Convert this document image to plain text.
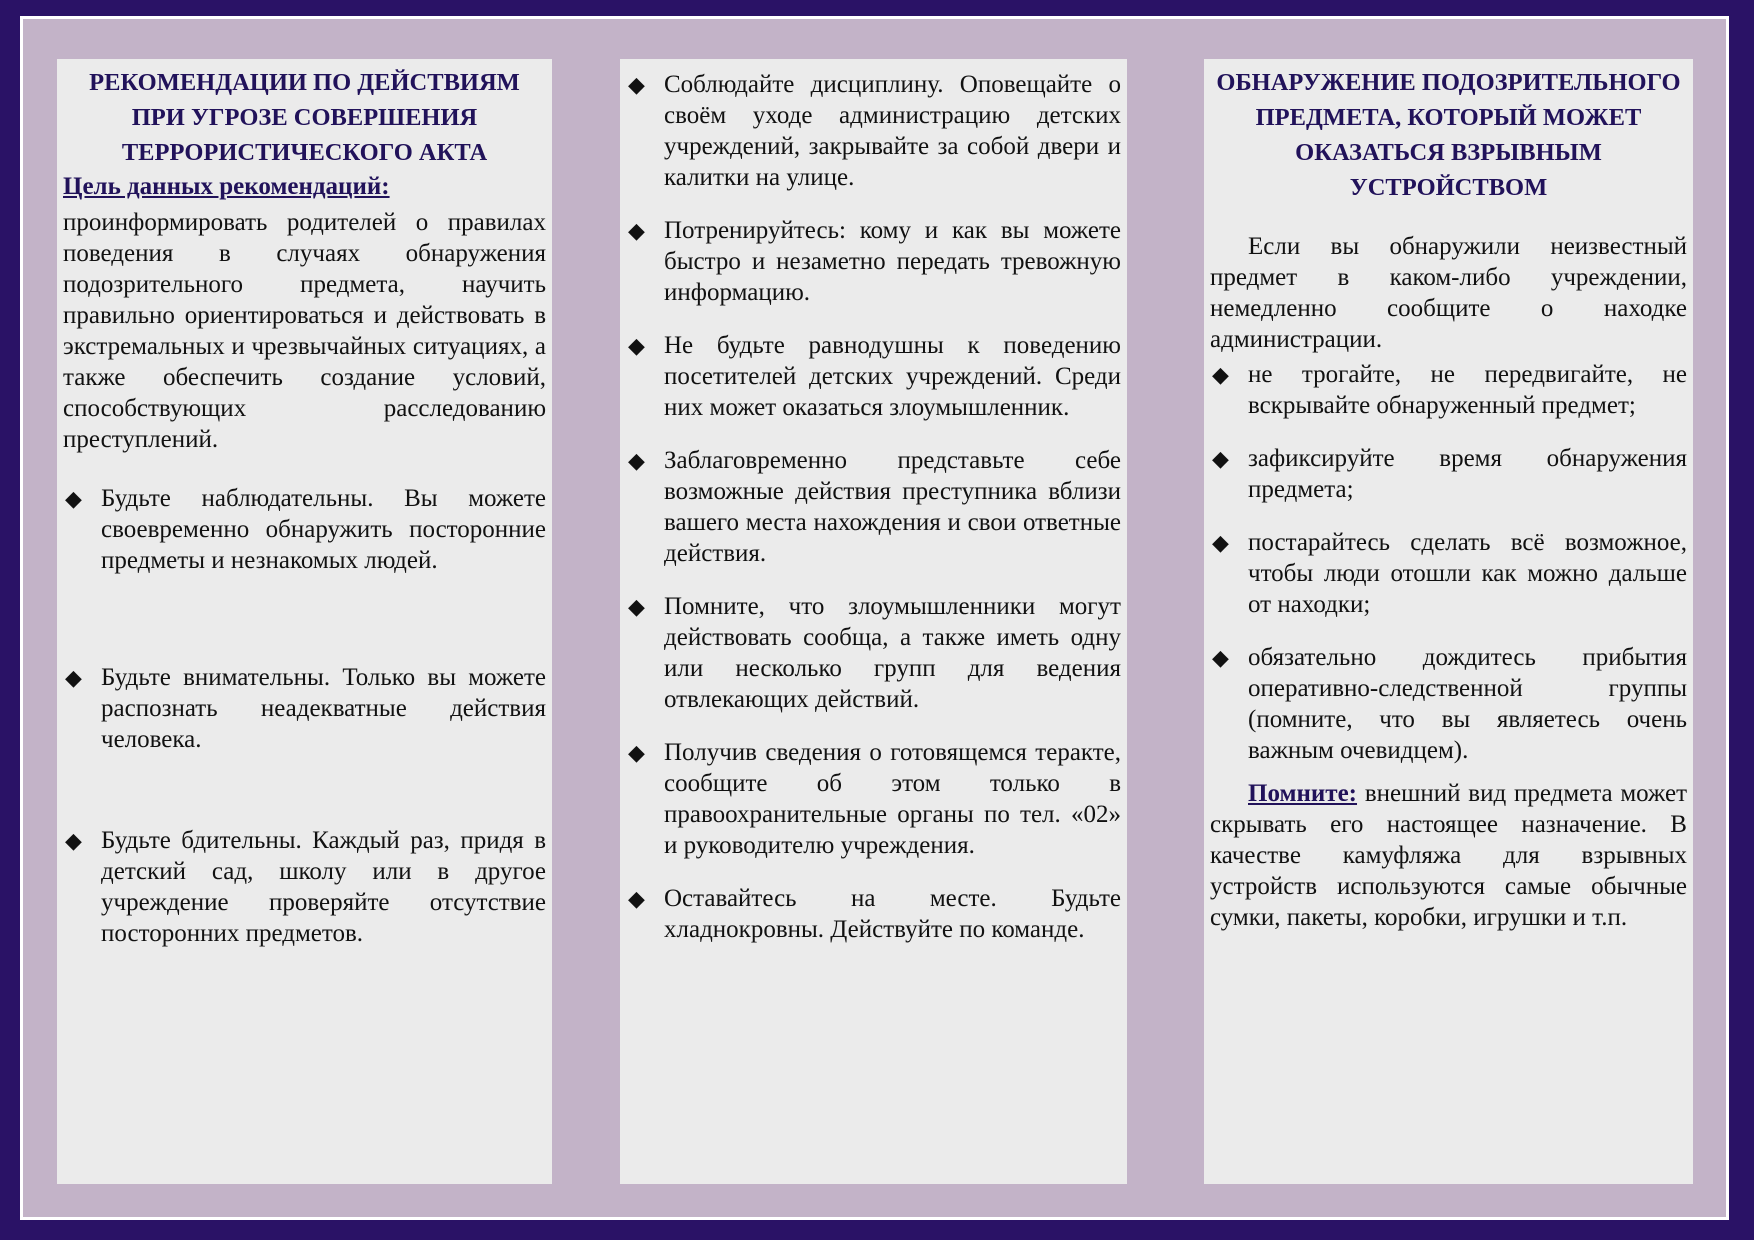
РЕКОМЕНДАЦИИ ПО ДЕЙСТВИЯМ ПРИ УГРОЗЕ СОВЕРШЕНИЯ ТЕРРОРИСТИЧЕСКОГО АКТА

Цель данных рекомендаций:

проинформировать родителей о правилах поведения в случаях обнаружения подозрительного предмета, научить правильно ориентироваться и действовать в экстремальных и чрезвычайных ситуациях, а также обеспечить создание условий, способствующих расследованию преступлений.

◆ Будьте наблюдательны. Вы можете своевременно обнаружить посторонние предметы и незнакомых людей.
◆ Будьте внимательны. Только вы можете распознать неадекватные действия человека.
◆ Будьте бдительны. Каждый раз, придя в детский сад, школу или в другое учреждение проверяйте отсутствие посторонних предметов.
◆ Соблюдайте дисциплину. Оповещайте о своём уходе администрацию детских учреждений, закрывайте за собой двери и калитки на улице.
◆ Потренируйтесь: кому и как вы можете быстро и незаметно передать тревожную информацию.
◆ Не будьте равнодушны к поведению посетителей детских учреждений. Среди них может оказаться злоумышленник.
◆ Заблаговременно представьте себе возможные действия преступника вблизи вашего места нахождения и свои ответные действия.
◆ Помните, что злоумышленники могут действовать сообща, а также иметь одну или несколько групп для ведения отвлекающих действий.
◆ Получив сведения о готовящемся теракте, сообщите об этом только в правоохранительные органы по тел. «02» и руководителю учреждения.
◆ Оставайтесь на месте. Будьте хладнокровны. Действуйте по команде.

ОБНАРУЖЕНИЕ ПОДОЗРИТЕЛЬНОГО ПРЕДМЕТА, КОТОРЫЙ МОЖЕТ ОКАЗАТЬСЯ ВЗРЫВНЫМ УСТРОЙСТВОМ

Если вы обнаружили неизвестный предмет в каком-либо учреждении, немедленно сообщите о находке администрации.

◆ не трогайте, не передвигайте, не вскрывайте обнаруженный предмет;
◆ зафиксируйте время обнаружения предмета;
◆ постарайтесь сделать всё возможное, чтобы люди отошли как можно дальше от находки;
◆ обязательно дождитесь прибытия оперативно-следственной группы (помните, что вы являетесь очень важным очевидцем).

Помните: внешний вид предмета может скрывать его настоящее назначение. В качестве камуфляжа для взрывных устройств используются самые обычные сумки, пакеты, коробки, игрушки и т.п.
